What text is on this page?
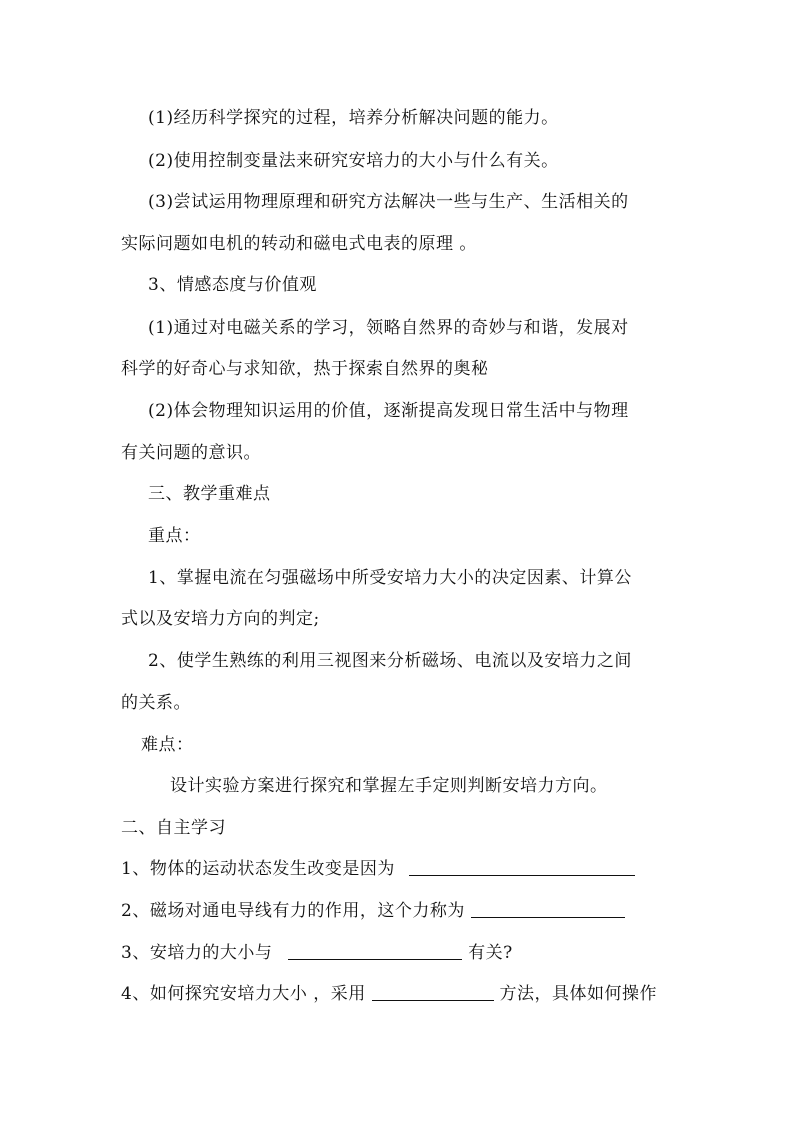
(1)经历科学探究的过程，培养分析解决问题的能力。
(2)使用控制变量法来研究安培力的大小与什么有关。
(3)尝试运用物理原理和研究方法解决一些与生产、生活相关的
实际问题如电机的转动和磁电式电表的原理 。
3、情感态度与价值观
(1)通过对电磁关系的学习，领略自然界的奇妙与和谐，发展对
科学的好奇心与求知欲，热于探索自然界的奥秘
(2)体会物理知识运用的价值，逐渐提高发现日常生活中与物理
有关问题的意识。
三、教学重难点
重点：
1、掌握电流在匀强磁场中所受安培力大小的决定因素、计算公
式以及安培力方向的判定;
2、使学生熟练的利用三视图来分析磁场、电流以及安培力之间
的关系。
难点：
设计实验方案进行探究和掌握左手定则判断安培力方向。
二、自主学习
1、物体的运动状态发生改变是因为
2、磁场对通电导线有力的作用，这个力称为
3、安培力的大小与	有关?
4、如何探究安培力大小 ，采用	方法，具体如何操作
